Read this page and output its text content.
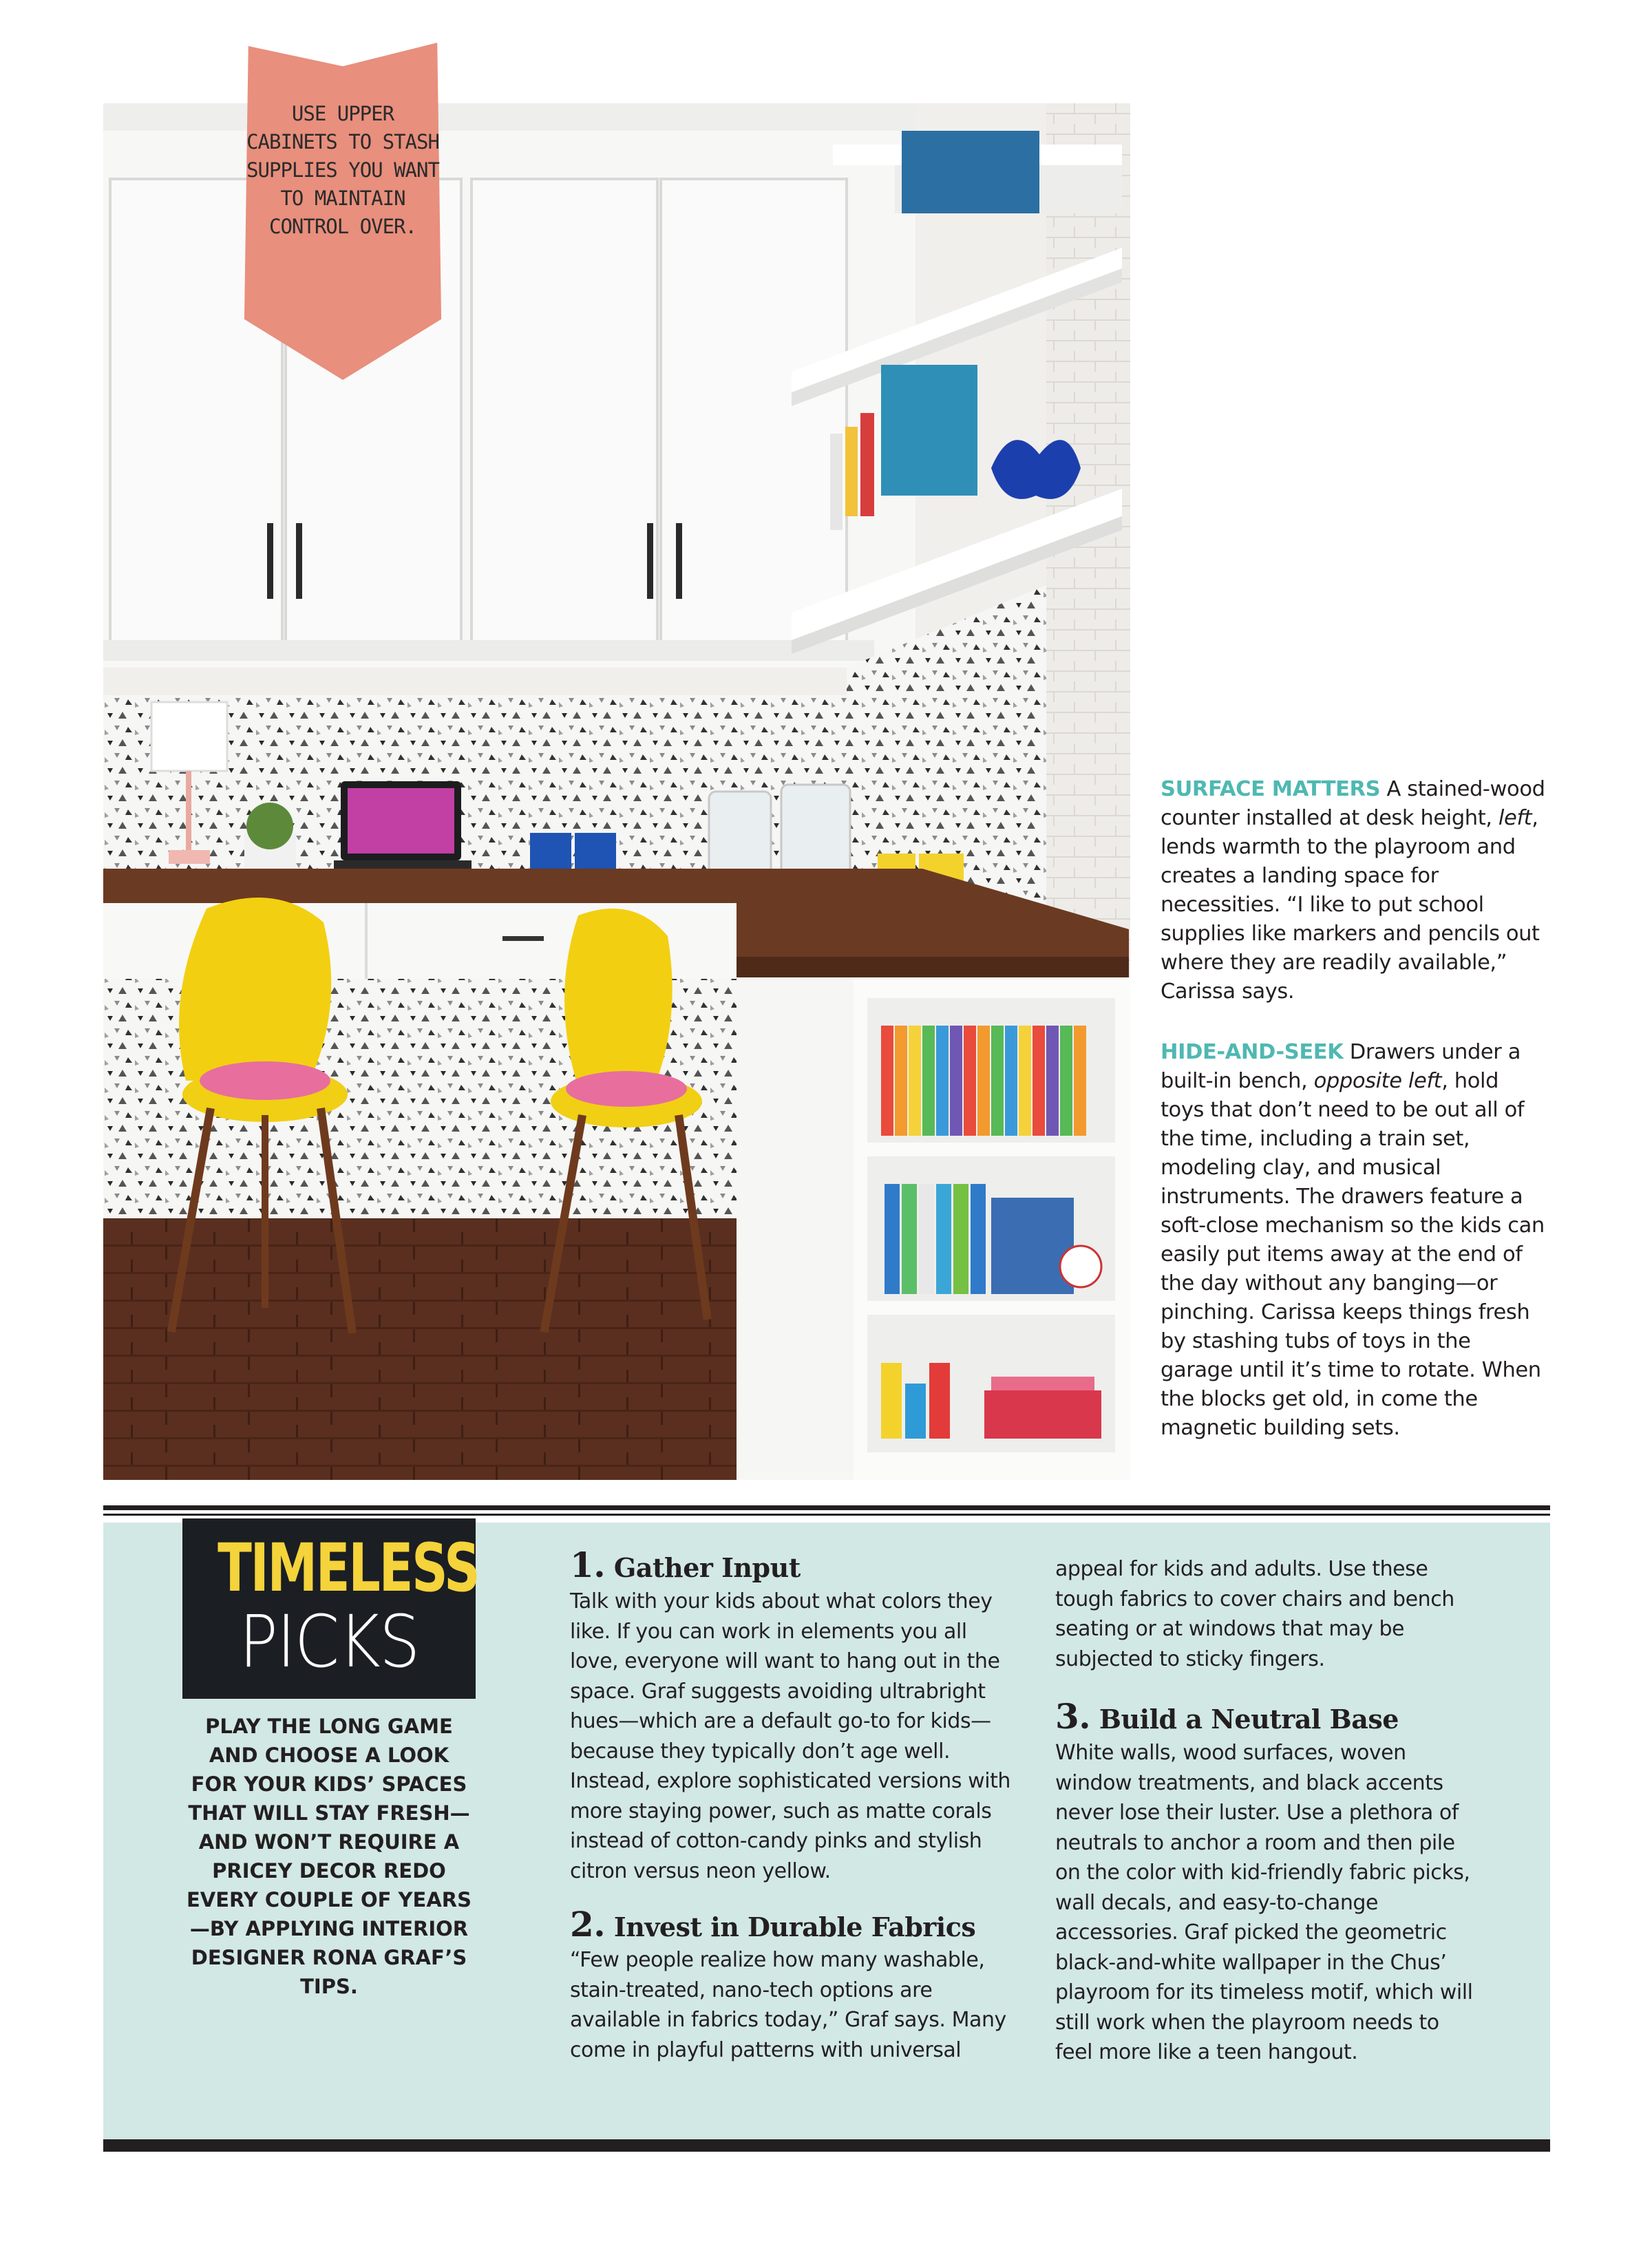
USE UPPER CABINETS TO STASH SUPPLIES YOU WANT TO MAINTAIN CONTROL OVER.
SURFACE MATTERS A stained-wood counter installed at desk height, left, lends warmth to the playroom and creates a landing space for necessities. “I like to put school supplies like markers and pencils out where they are readily available,” Carissa says.
HIDE-AND-SEEK Drawers under a built-in bench, opposite left, hold toys that don’t need to be out all of the time, including a train set, modeling clay, and musical instruments. The drawers feature a soft-close mechanism so the kids can easily put items away at the end of the day without any banging—or pinching. Carissa keeps things fresh by stashing tubs of toys in the garage until it’s time to rotate. When the blocks get old, in come the magnetic building sets.
TIMELESS
PICKS
PLAY THE LONG GAME AND CHOOSE A LOOK FOR YOUR KIDS’ SPACES THAT WILL STAY FRESH—AND WON’T REQUIRE A PRICEY DECOR REDO EVERY COUPLE OF YEARS—BY APPLYING INTERIOR DESIGNER RONA GRAF’S TIPS.
1. Gather Input
Talk with your kids about what colors they like. If you can work in elements you all love, everyone will want to hang out in the space. Graf suggests avoiding ultrabright hues—which are a default go-to for kids—because they typically don’t age well. Instead, explore sophisticated versions with more staying power, such as matte corals instead of cotton-candy pinks and stylish citron versus neon yellow.
2. Invest in Durable Fabrics
“Few people realize how many washable, stain-treated, nano-tech options are available in fabrics today,” Graf says. Many come in playful patterns with universal
appeal for kids and adults. Use these tough fabrics to cover chairs and bench seating or at windows that may be subjected to sticky fingers.
3. Build a Neutral Base
White walls, wood surfaces, woven window treatments, and black accents never lose their luster. Use a plethora of neutrals to anchor a room and then pile on the color with kid-friendly fabric picks, wall decals, and easy-to-change accessories. Graf picked the geometric black-and-white wallpaper in the Chus’ playroom for its timeless motif, which will still work when the playroom needs to feel more like a teen hangout.
